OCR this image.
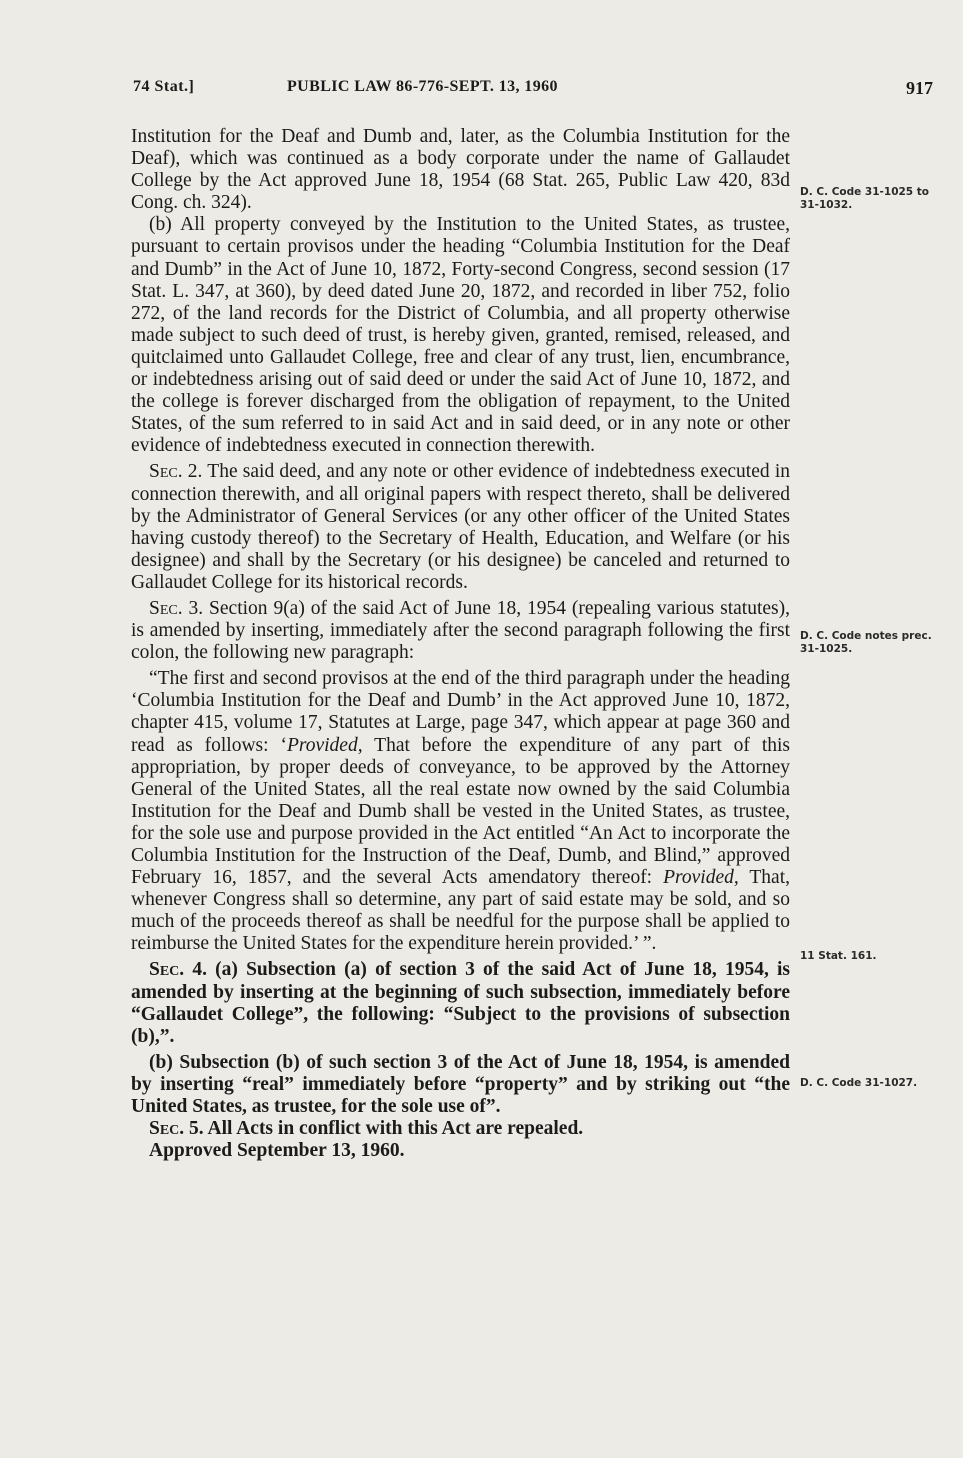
74 Stat.]	PUBLIC LAW 86-776-SEPT. 13, 1960	917

Institution for the Deaf and Dumb and, later, as the Columbia Institution for the Deaf), which was continued as a body corporate under the name of Gallaudet College by the Act approved June 18, 1954 (68 Stat. 265, Public Law 420, 83d Cong. ch. 324).

(b) All property conveyed by the Institution to the United States, as trustee, pursuant to certain provisos under the heading “Columbia Institution for the Deaf and Dumb” in the Act of June 10, 1872, Forty-second Congress, second session (17 Stat. L. 347, at 360), by deed dated June 20, 1872, and recorded in liber 752, folio 272, of the land records for the District of Columbia, and all property otherwise made subject to such deed of trust, is hereby given, granted, remised, released, and quitclaimed unto Gallaudet College, free and clear of any trust, lien, encumbrance, or indebtedness arising out of said deed or under the said Act of June 10, 1872, and the college is forever discharged from the obligation of repayment, to the United States, of the sum referred to in said Act and in said deed, or in any note or other evidence of indebtedness executed in connection therewith.

Sec. 2. The said deed, and any note or other evidence of indebtedness executed in connection therewith, and all original papers with respect thereto, shall be delivered by the Administrator of General Services (or any other officer of the United States having custody thereof) to the Secretary of Health, Education, and Welfare (or his designee) and shall by the Secretary (or his designee) be canceled and returned to Gallaudet College for its historical records.

Sec. 3. Section 9(a) of the said Act of June 18, 1954 (repealing various statutes), is amended by inserting, immediately after the second paragraph following the first colon, the following new paragraph:

“The first and second provisos at the end of the third paragraph under the heading ‘Columbia Institution for the Deaf and Dumb’ in the Act approved June 10, 1872, chapter 415, volume 17, Statutes at Large, page 347, which appear at page 360 and read as follows: ‘Provided, That before the expenditure of any part of this appropriation, by proper deeds of conveyance, to be approved by the Attorney General of the United States, all the real estate now owned by the said Columbia Institution for the Deaf and Dumb shall be vested in the United States, as trustee, for the sole use and purpose provided in the Act entitled “An Act to incorporate the Columbia Institution for the Instruction of the Deaf, Dumb, and Blind,” approved February 16, 1857, and the several Acts amendatory thereof: Provided, That, whenever Congress shall so determine, any part of said estate may be sold, and so much of the proceeds thereof as shall be needful for the purpose shall be applied to reimburse the United States for the expenditure herein provided.’ ”.

Sec. 4. (a) Subsection (a) of section 3 of the said Act of June 18, 1954, is amended by inserting at the beginning of such subsection, immediately before “Gallaudet College”, the following: “Subject to the provisions of subsection (b),”.

(b) Subsection (b) of such section 3 of the Act of June 18, 1954, is amended by inserting “real” immediately before “property” and by striking out “the United States, as trustee, for the sole use of”.

Sec. 5. All Acts in conflict with this Act are repealed.

Approved September 13, 1960.

D. C. Code 31-1025 to 31-1032.
D. C. Code notes prec. 31-1025.
11 Stat. 161.
D. C. Code 31-1027.
